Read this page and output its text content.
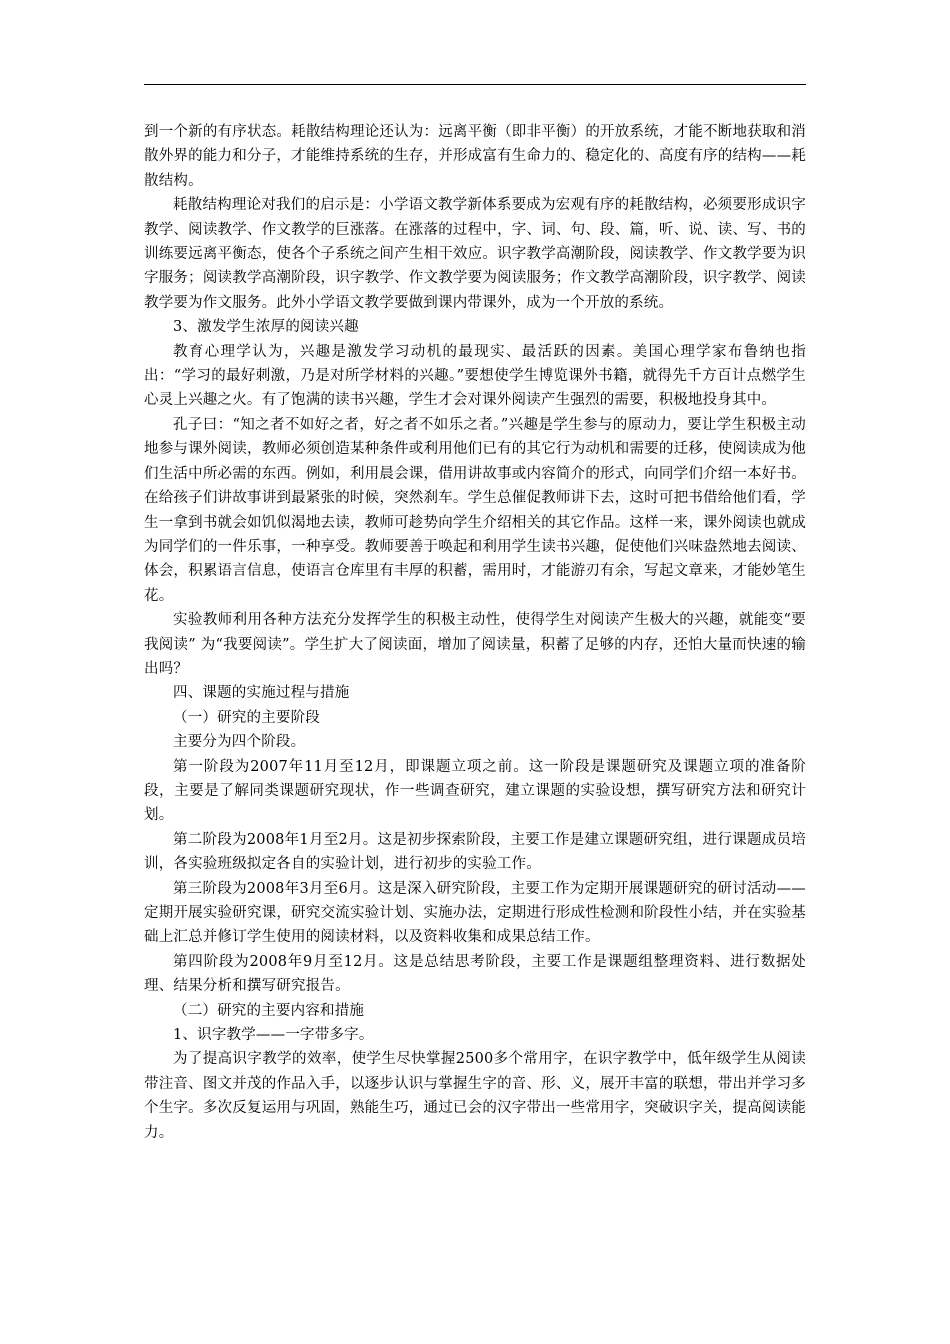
到一个新的有序状态。耗散结构理论还认为：远离平衡（即非平衡）的开放系统，才能不断地获取和消散外界的能力和分子，才能维持系统的生存，并形成富有生命力的、稳定化的、高度有序的结构——耗散结构。

耗散结构理论对我们的启示是：小学语文教学新体系要成为宏观有序的耗散结构，必须要形成识字教学、阅读教学、作文教学的巨涨落。在涨落的过程中，字、词、句、段、篇，听、说、读、写、书的训练要远离平衡态，使各个子系统之间产生相干效应。识字教学高潮阶段，阅读教学、作文教学要为识字服务；阅读教学高潮阶段，识字教学、作文教学要为阅读服务；作文教学高潮阶段，识字教学、阅读教学要为作文服务。此外小学语文教学要做到课内带课外，成为一个开放的系统。

3、激发学生浓厚的阅读兴趣

教育心理学认为，兴趣是激发学习动机的最现实、最活跃的因素。美国心理学家布鲁纳也指出：“学习的最好刺激，乃是对所学材料的兴趣。”要想使学生博览课外书籍，就得先千方百计点燃学生心灵上兴趣之火。有了饱满的读书兴趣，学生才会对课外阅读产生强烈的需要，积极地投身其中。

孔子曰：“知之者不如好之者，好之者不如乐之者。”兴趣是学生参与的原动力，要让学生积极主动地参与课外阅读，教师必须创造某种条件或利用他们已有的其它行为动机和需要的迁移，使阅读成为他们生活中所必需的东西。例如，利用晨会课，借用讲故事或内容简介的形式，向同学们介绍一本好书。在给孩子们讲故事讲到最紧张的时候，突然刹车。学生总催促教师讲下去，这时可把书借给他们看，学生一拿到书就会如饥似渴地去读，教师可趁势向学生介绍相关的其它作品。这样一来，课外阅读也就成为同学们的一件乐事，一种享受。教师要善于唤起和利用学生读书兴趣，促使他们兴味盎然地去阅读、体会，积累语言信息，使语言仓库里有丰厚的积蓄，需用时，才能游刃有余，写起文章来，才能妙笔生花。

实验教师利用各种方法充分发挥学生的积极主动性，使得学生对阅读产生极大的兴趣，就能变“要我阅读” 为“我要阅读”。学生扩大了阅读面，增加了阅读量，积蓄了足够的内存，还怕大量而快速的输出吗？

四、课题的实施过程与措施

（一）研究的主要阶段

主要分为四个阶段。

第一阶段为2007年11月至12月，即课题立项之前。这一阶段是课题研究及课题立项的准备阶段，主要是了解同类课题研究现状，作一些调查研究，建立课题的实验设想，撰写研究方法和研究计划。

第二阶段为2008年1月至2月。这是初步探索阶段，主要工作是建立课题研究组，进行课题成员培训，各实验班级拟定各自的实验计划，进行初步的实验工作。

第三阶段为2008年3月至6月。这是深入研究阶段，主要工作为定期开展课题研究的研讨活动——定期开展实验研究课，研究交流实验计划、实施办法，定期进行形成性检测和阶段性小结，并在实验基础上汇总并修订学生使用的阅读材料，以及资料收集和成果总结工作。

第四阶段为2008年9月至12月。这是总结思考阶段，主要工作是课题组整理资料、进行数据处理、结果分析和撰写研究报告。

（二）研究的主要内容和措施

1、识字教学——一字带多字。

为了提高识字教学的效率，使学生尽快掌握2500多个常用字，在识字教学中，低年级学生从阅读带注音、图文并茂的作品入手，以逐步认识与掌握生字的音、形、义，展开丰富的联想，带出并学习多个生字。多次反复运用与巩固，熟能生巧，通过已会的汉字带出一些常用字，突破识字关，提高阅读能力。
